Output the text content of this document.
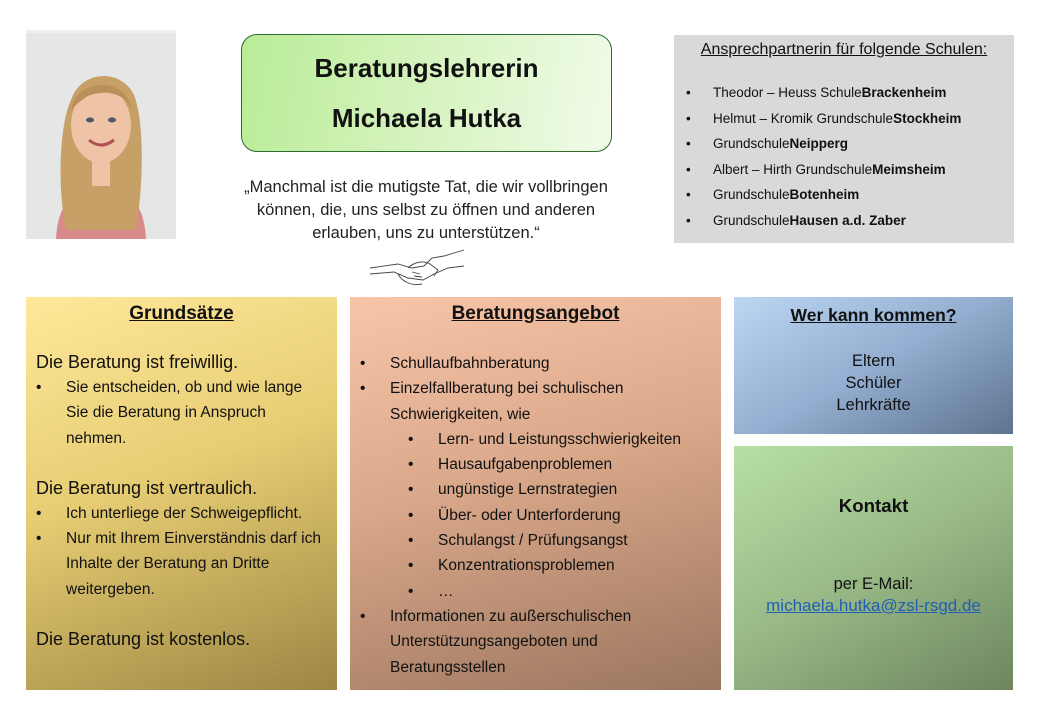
Beratungslehrerin
Michaela Hutka
„Manchmal ist die mutigste Tat, die wir vollbringen können, die, uns selbst zu öffnen und anderen erlauben, uns zu unterstützen.“
Ansprechpartnerin für folgende Schulen:
•	Theodor – Heuss Schule Brackenheim
•	Helmut – Kromik Grundschule Stockheim
•	Grundschule Neipperg
•	Albert – Hirth Grundschule Meimsheim
•	Grundschule Botenheim
•	Grundschule Hausen a.d. Zaber
Grundsätze
Die Beratung ist freiwillig.
•	Sie entscheiden, ob und wie lange Sie die Beratung in Anspruch nehmen.
Die Beratung ist vertraulich.
•	Ich unterliege der Schweigepflicht.
•	Nur mit Ihrem Einverständnis darf ich Inhalte der Beratung an Dritte weitergeben.
Die Beratung ist kostenlos.
Beratungsangebot
•	Schullaufbahnberatung
•	Einzelfallberatung bei schulischen Schwierigkeiten, wie
•	Lern- und Leistungsschwierigkeiten
•	Hausaufgabenproblemen
•	ungünstige Lernstrategien
•	Über- oder Unterforderung
•	Schulangst / Prüfungsangst
•	Konzentrationsproblemen
•	…
•	Informationen zu außerschulischen Unterstützungsangeboten und Beratungsstellen
Wer kann kommen?
Eltern
Schüler
Lehrkräfte
Kontakt
per E-Mail:
michaela.hutka@zsl-rsgd.de
